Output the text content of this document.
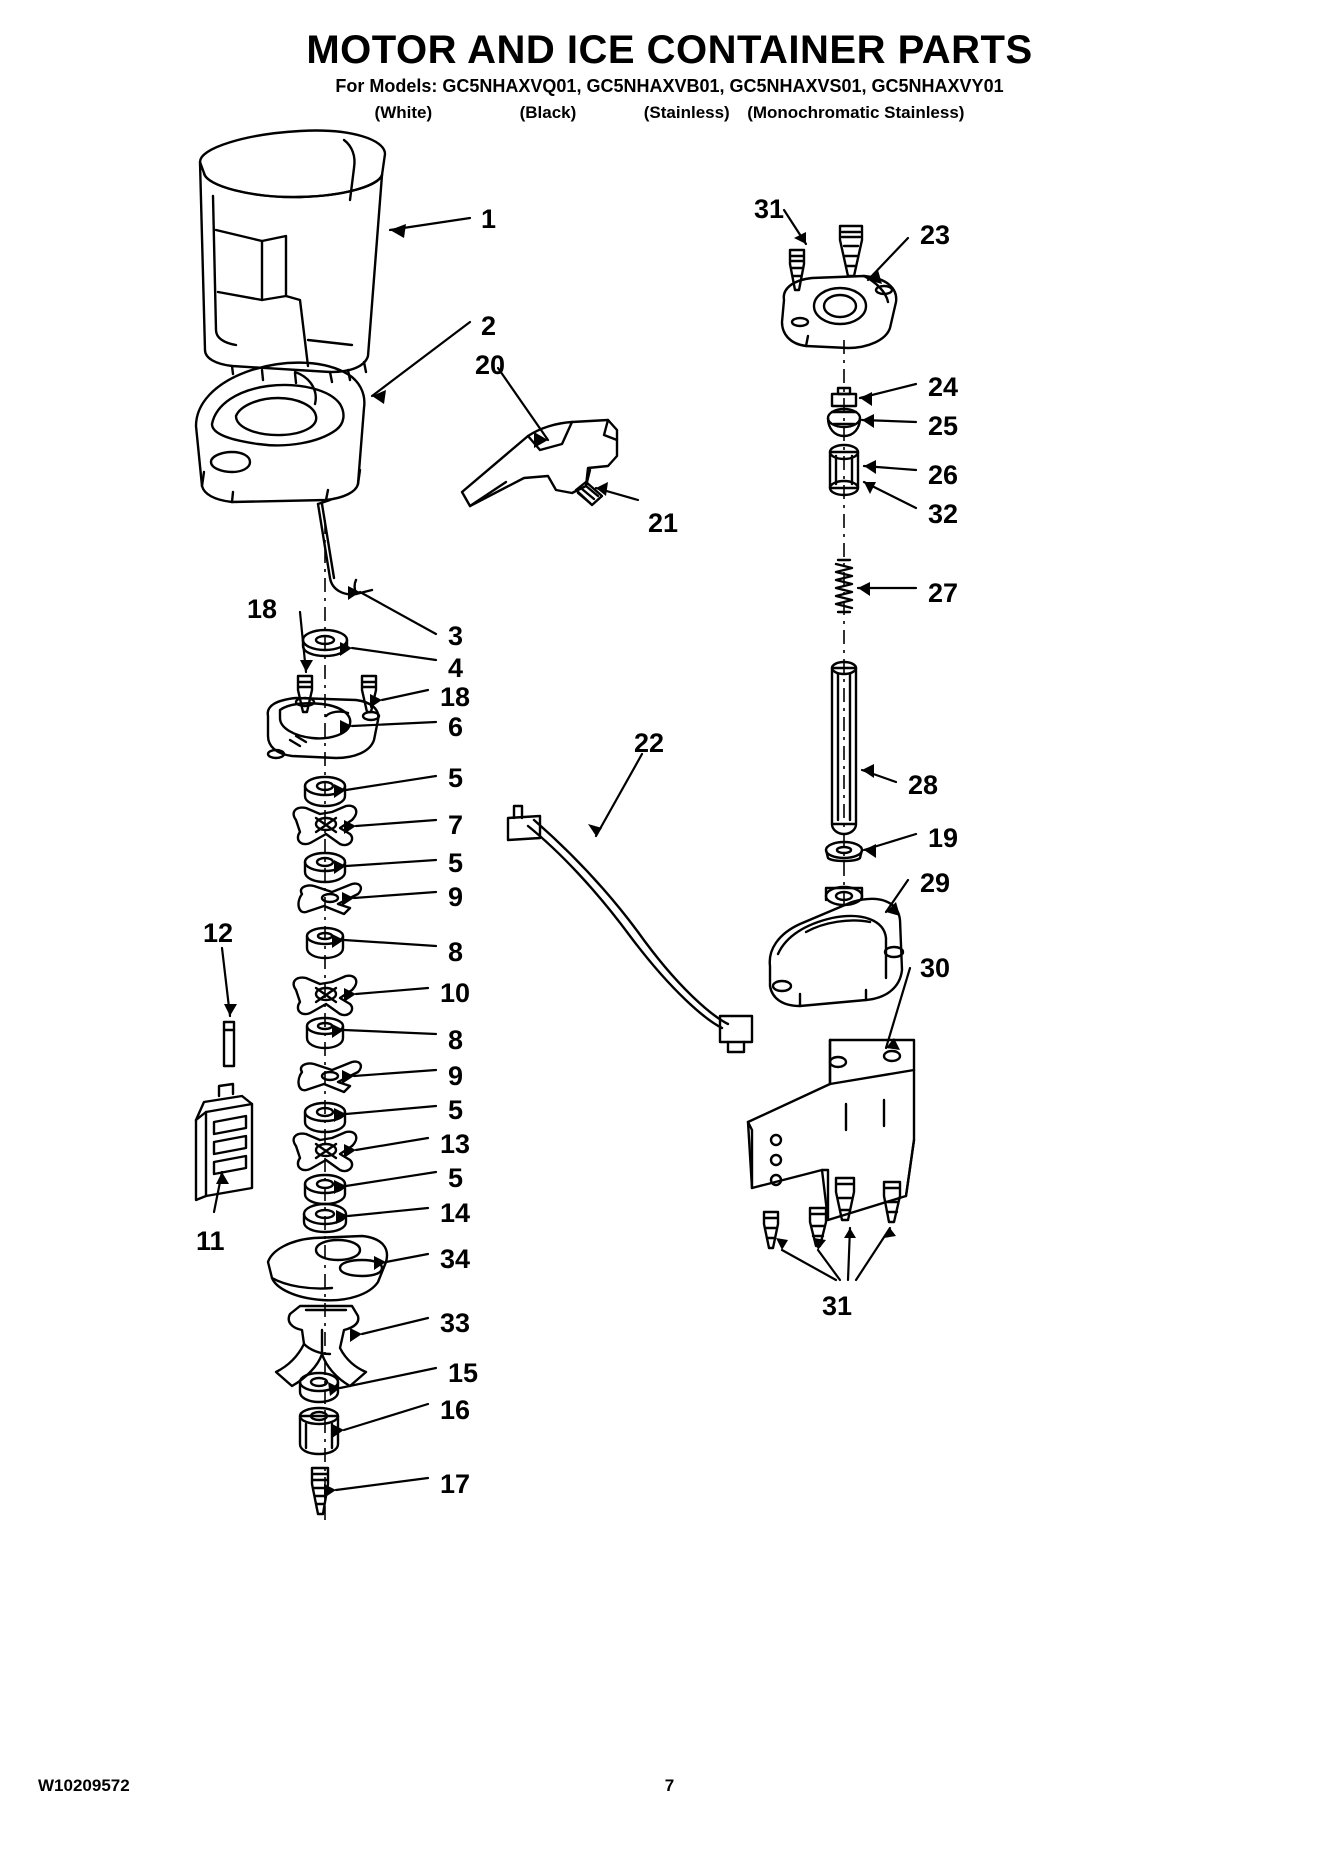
MOTOR AND ICE CONTAINER PARTS
For Models: GC5NHAXVQ01, GC5NHAXVB01, GC5NHAXVS01, GC5NHAXVY01
(White)	(Black)	(Stainless) (Monochromatic Stainless)
1
2
20
21
18
3
4
18
6
5
7
5
9
8
10
8
9
5
13
5
14
34
33
15
16
17
12
11
22
31
23
24
25
26
32
27
28
19
29
30
31
W10209572	7
